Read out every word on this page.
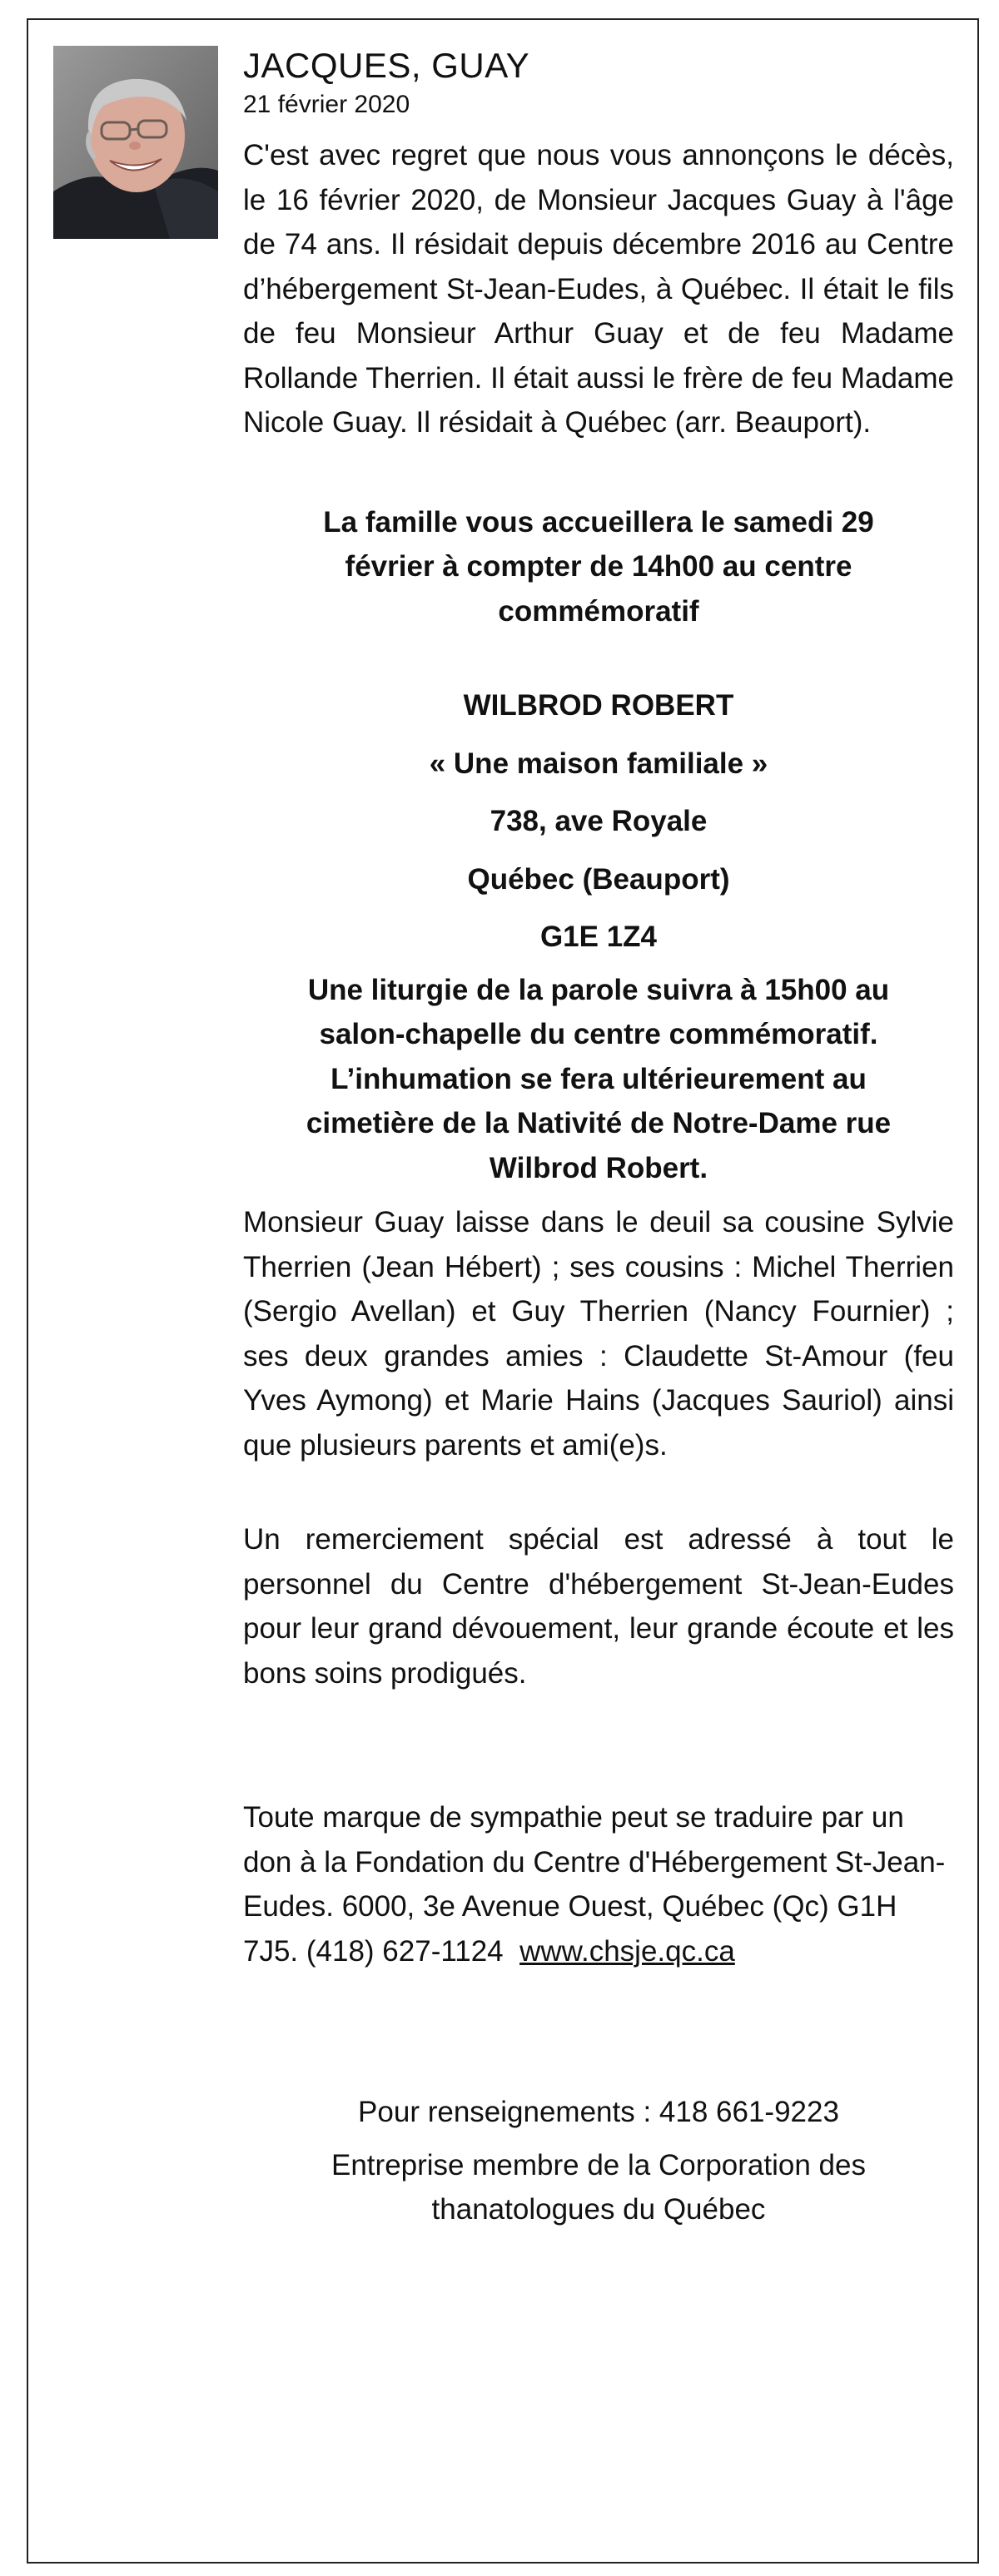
JACQUES, GUAY
21 février 2020

C'est avec regret que nous vous annonçons le décès, le 16 février 2020, de Monsieur Jacques Guay à l'âge de 74 ans. Il résidait depuis décembre 2016 au Centre d’hébergement St-Jean-Eudes, à Québec. Il était le fils de feu Monsieur Arthur Guay et de feu Madame Rollande Therrien. Il était aussi le frère de feu Madame Nicole Guay. Il résidait à Québec (arr. Beauport).

La famille vous accueillera le samedi 29 février à compter de 14h00 au centre commémoratif

WILBROD ROBERT

« Une maison familiale »

738, ave Royale

Québec (Beauport)

G1E 1Z4

Une liturgie de la parole suivra à 15h00 au salon-chapelle du centre commémoratif. L’inhumation se fera ultérieurement au cimetière de la Nativité de Notre-Dame rue Wilbrod Robert.

Monsieur Guay laisse dans le deuil sa cousine Sylvie Therrien (Jean Hébert) ; ses cousins : Michel Therrien (Sergio Avellan) et Guy Therrien (Nancy Fournier) ; ses deux grandes amies : Claudette St-Amour (feu Yves Aymong) et Marie Hains (Jacques Sauriol) ainsi que plusieurs parents et ami(e)s.

Un remerciement spécial est adressé à tout le personnel du Centre d'hébergement St-Jean-Eudes pour leur grand dévouement, leur grande écoute et les bons soins prodigués.

Toute marque de sympathie peut se traduire par un don à la Fondation du Centre d'Hébergement St-Jean-Eudes. 6000, 3e Avenue Ouest, Québec (Qc) G1H 7J5. (418) 627-1124 www.chsje.qc.ca

Pour renseignements : 418 661-9223

Entreprise membre de la Corporation des

thanatologues du Québec
